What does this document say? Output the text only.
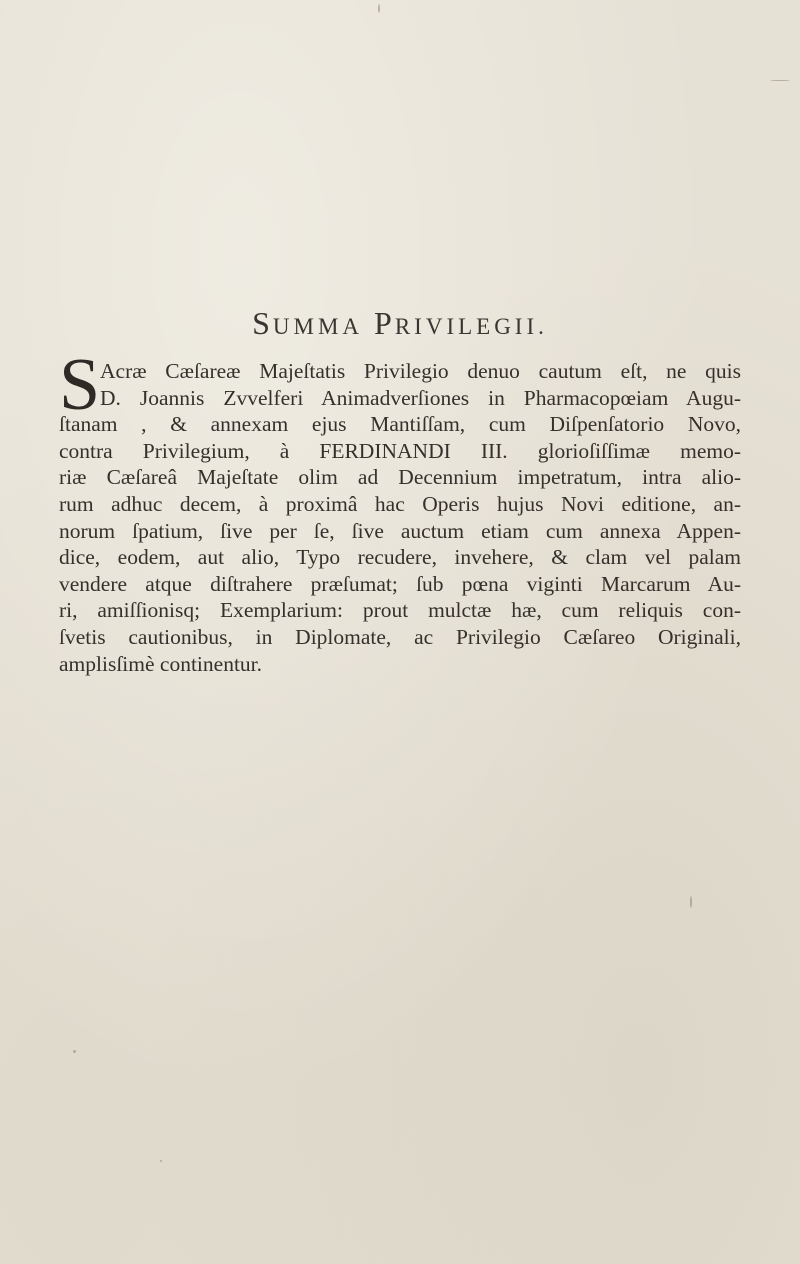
SUMMA PRIVILEGII.
S Acræ Cæſareæ Majeſtatis Privilegio denuo cautum eſt, ne quis
D. Joannis Zvvelferi Animadverſiones in Pharmacopœiam Augu-
ſtanam , & annexam ejus Mantiſſam, cum Diſpenſatorio Novo,
contra Privilegium, à FERDINANDI III. glorioſiſſimæ memo-
riæ Cæſareâ Majeſtate olim ad Decennium impetratum, intra alio-
rum adhuc decem, à proximâ hac Operis hujus Novi editione, an-
norum ſpatium, ſive per ſe, ſive auctum etiam cum annexa Appen-
dice, eodem, aut alio, Typo recudere, invehere, & clam vel palam
vendere atque diſtrahere præſumat; ſub pœna viginti Marcarum Au-
ri, amiſſionisq; Exemplarium: prout mulctæ hæ, cum reliquis con-
ſvetis cautionibus, in Diplomate, ac Privilegio Cæſareo Originali,
amplisſimè continentur.
